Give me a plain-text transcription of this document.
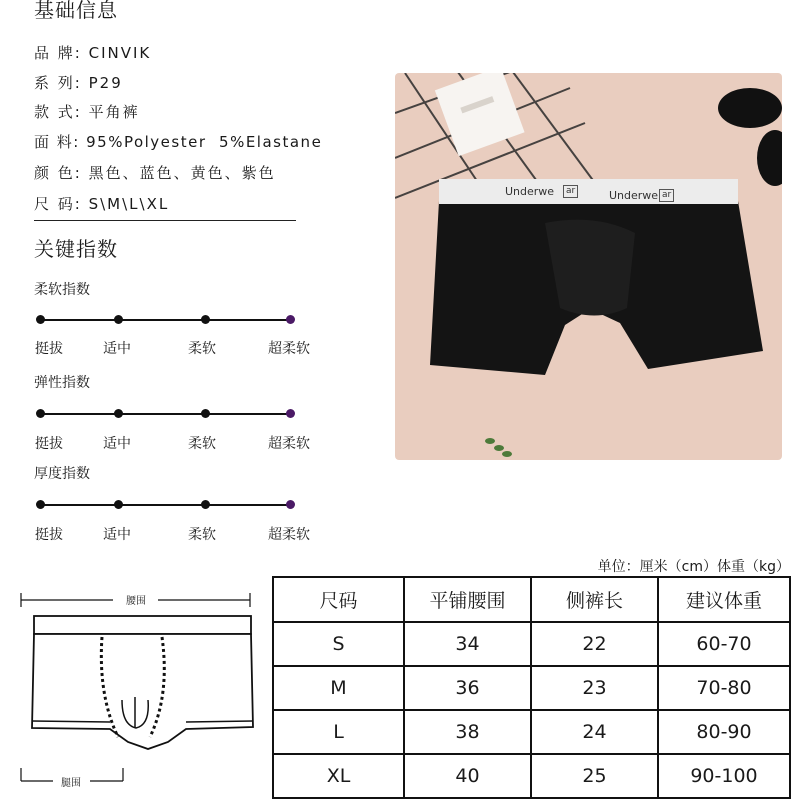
基础信息
品 牌: CINVIK
系 列: P29
款 式: 平角裤
面 料: 95%Polyester  5%Elastane
颜 色: 黑色、蓝色、黄色、紫色
尺 码: S\M\L\XL
关键指数
柔软指数
挺拔	适中	柔软	超柔软
弹性指数
挺拔	适中	柔软	超柔软
厚度指数
挺拔	适中	柔软	超柔软
Underwe	ar	Underwe ar
单位：厘米（cm）体重（kg）
腰围
腿围
尺码	平铺腰围	侧裤长	建议体重
S	34	22	60-70
M	36	23	70-80
L	38	24	80-90
XL	40	25	90-100
